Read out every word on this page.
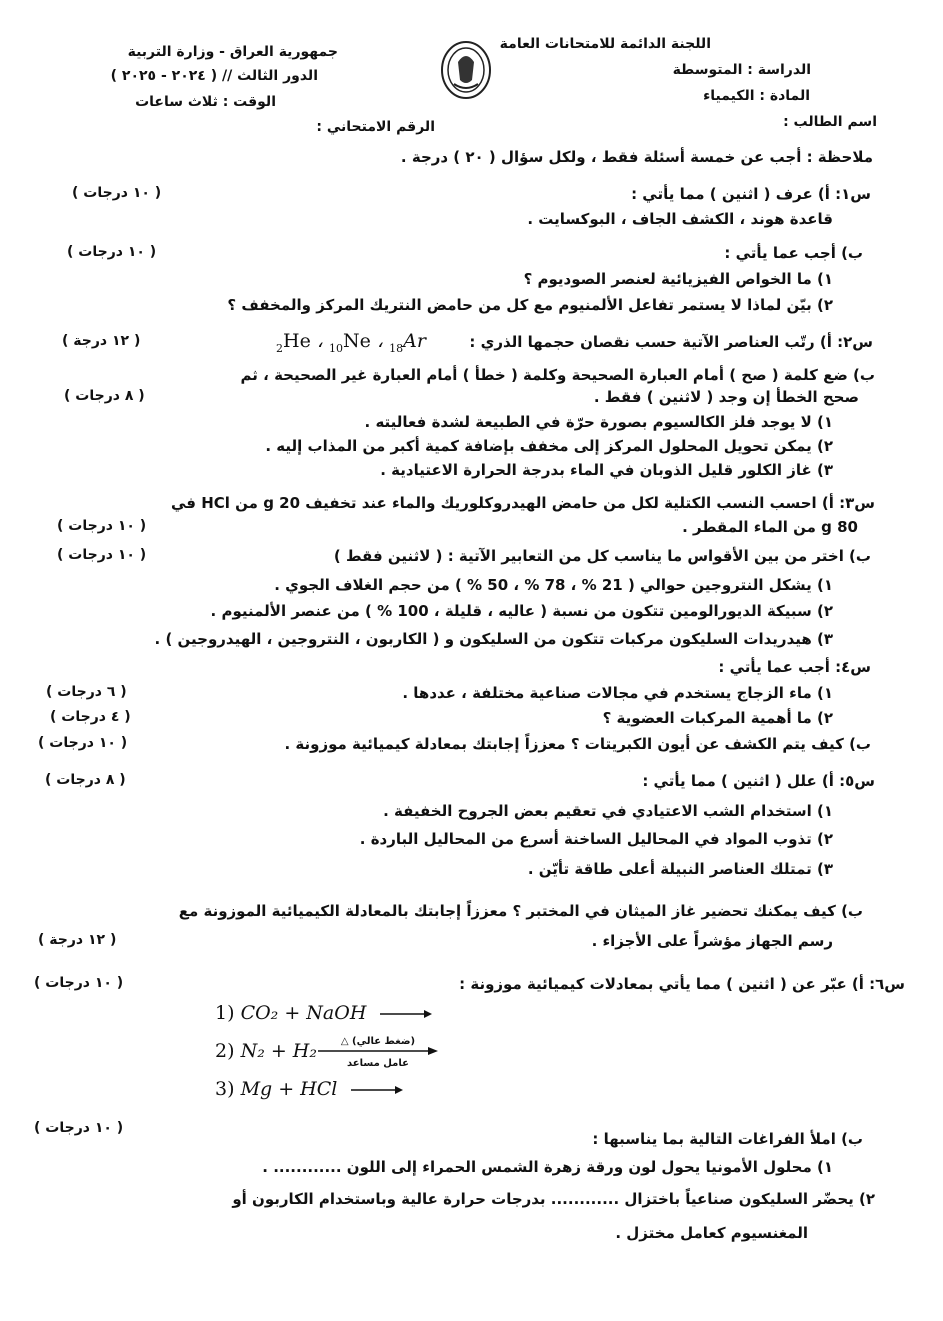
اللجنة الدائمة للامتحانات العامة
الدراسة : المتوسطة
المادة : الكيمياء
اسم الطالب :
جمهورية العراق - وزارة التربية
الدور الثالث // ( ٢٠٢٤ - ٢٠٢٥ )
الوقت : ثلاث ساعات
الرقم الامتحاني :
ملاحظة : أجب عن خمسة أسئلة فقط ، ولكل سؤال ( ٢٠ ) درجة .
س١: أ) عرف ( اثنين ) مما يأتي :
( ١٠ درجات )
قاعدة هوند ، الكشف الجاف ، البوكسايت .
ب) أجب عما يأتي :
( ١٠ درجات )
١) ما الخواص الفيزيائية لعنصر الصوديوم ؟
٢) بيّن لماذا لا يستمر تفاعل الألمنيوم مع كل من حامض النتريك المركز والمخفف ؟
س٢: أ) رتّب العناصر الآتية حسب نقصان حجمها الذري :
$_2$He ، $_{10}$Ne ، $_{18}$Ar
( ١٢ درجة )
ب) ضع كلمة ( صح ) أمام العبارة الصحيحة وكلمة ( خطأ ) أمام العبارة غير الصحيحة ، ثم
صحح الخطأ إن وجد ( لاثنين ) فقط .
( ٨ درجات )
١) لا يوجد فلز الكالسيوم بصورة حرّة في الطبيعة لشدة فعاليته .
٢) يمكن تحويل المحلول المركز إلى مخفف بإضافة كمية أكبر من المذاب إليه .
٣) غاز الكلور قليل الذوبان في الماء بدرجة الحرارة الاعتيادية .
س٣: أ) احسب النسب الكتلية لكل من حامض الهيدروكلوريك والماء عند تخفيف g 20 من HCl في
80 g من الماء المقطر .
( ١٠ درجات )
ب) اختر من بين الأقواس ما يناسب كل من التعابير الآتية : ( لاثنين فقط )
( ١٠ درجات )
١) يشكل النتروجين حوالي ( 21 % ، 78 % ، 50 % ) من حجم الغلاف الجوي .
٢) سبيكة الديورالومين تتكون من نسبة ( عاليه ، قليلة ، 100 % ) من عنصر الألمنيوم .
٣) هيدريدات السليكون مركبات تتكون من السليكون و ( الكاربون ، النتروجين ، الهيدروجين ) .
س٤: أجب عما يأتي :
١) ماء الزجاج يستخدم في مجالات صناعية مختلفة ، عددها .
( ٦ درجات )
٢) ما أهمية المركبات العضوية ؟
( ٤ درجات )
ب) كيف يتم الكشف عن أيون الكبريتات ؟ معززاً إجابتك بمعادلة كيميائية موزونة .
( ١٠ درجات )
س٥: أ) علل ( اثنين ) مما يأتي :
( ٨ درجات )
١) استخدام الشب الاعتيادي في تعقيم بعض الجروح الخفيفة .
٢) تذوب المواد في المحاليل الساخنة أسرع من المحاليل الباردة .
٣) تمتلك العناصر النبيلة أعلى طاقة تأيّن .
ب) كيف يمكنك تحضير غاز الميثان في المختبر ؟ معززاً إجابتك بالمعادلة الكيميائية الموزونة مع
رسم الجهاز مؤشراً على الأجزاء .
( ١٢ درجة )
س٦: أ) عبّر عن ( اثنين ) مما يأتي بمعادلات كيميائية موزونة :
( ١٠ درجات )
1) CO₂ + NaOH
2) N₂ + H₂	(ضغط عالي) △
عامل مساعد
3) Mg + HCl
ب) املأ الفراغات التالية بما يناسبها :
( ١٠ درجات )
١) محلول الأمونيا يحول لون ورقة زهرة الشمس الحمراء إلى اللون ............ .
٢) يحضّر السليكون صناعياً باختزال ............ بدرجات حرارة عالية وباستخدام الكاربون أو
المغنسيوم كعامل مختزل .
